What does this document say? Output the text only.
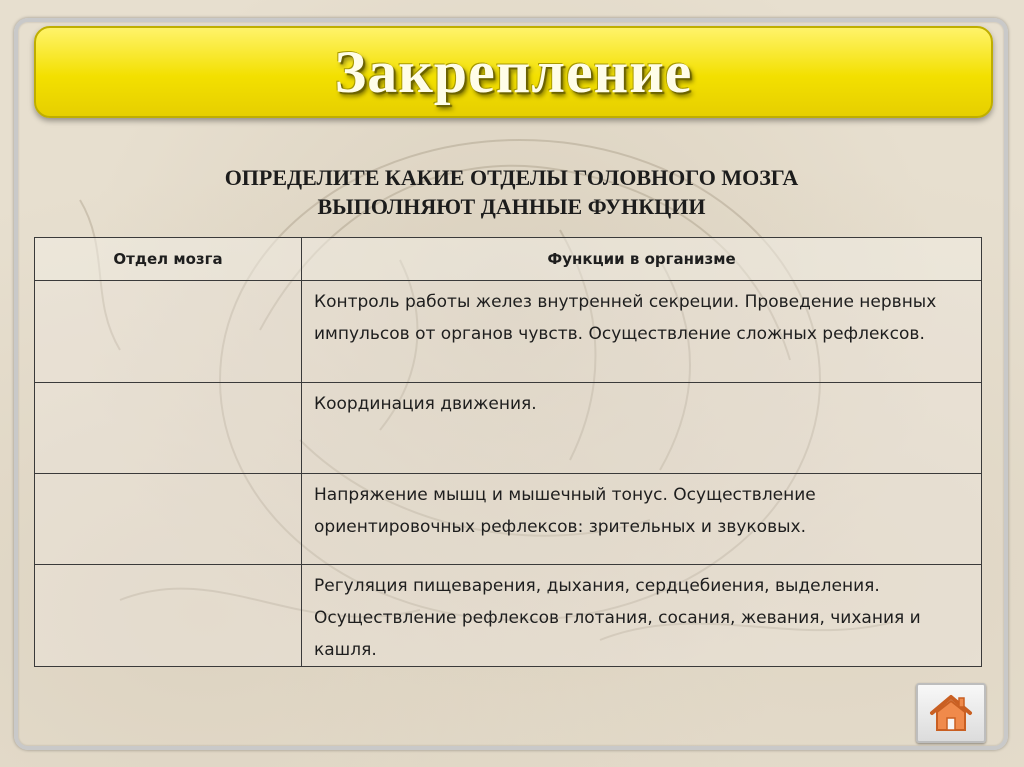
Закрепление
ОПРЕДЕЛИТЕ КАКИЕ ОТДЕЛЫ ГОЛОВНОГО МОЗГА
ВЫПОЛНЯЮТ ДАННЫЕ ФУНКЦИИ
Отдел мозга	Функции в организме
	Контроль работы желез внутренней секреции. Проведение нервных импульсов от органов чувств. Осуществление сложных рефлексов.
	Координация движения.
	Напряжение мышц и мышечный тонус. Осуществление ориентировочных рефлексов: зрительных и звуковых.
	Регуляция пищеварения, дыхания, сердцебиения, выделения. Осуществление рефлексов глотания, сосания, жевания, чихания и кашля.
